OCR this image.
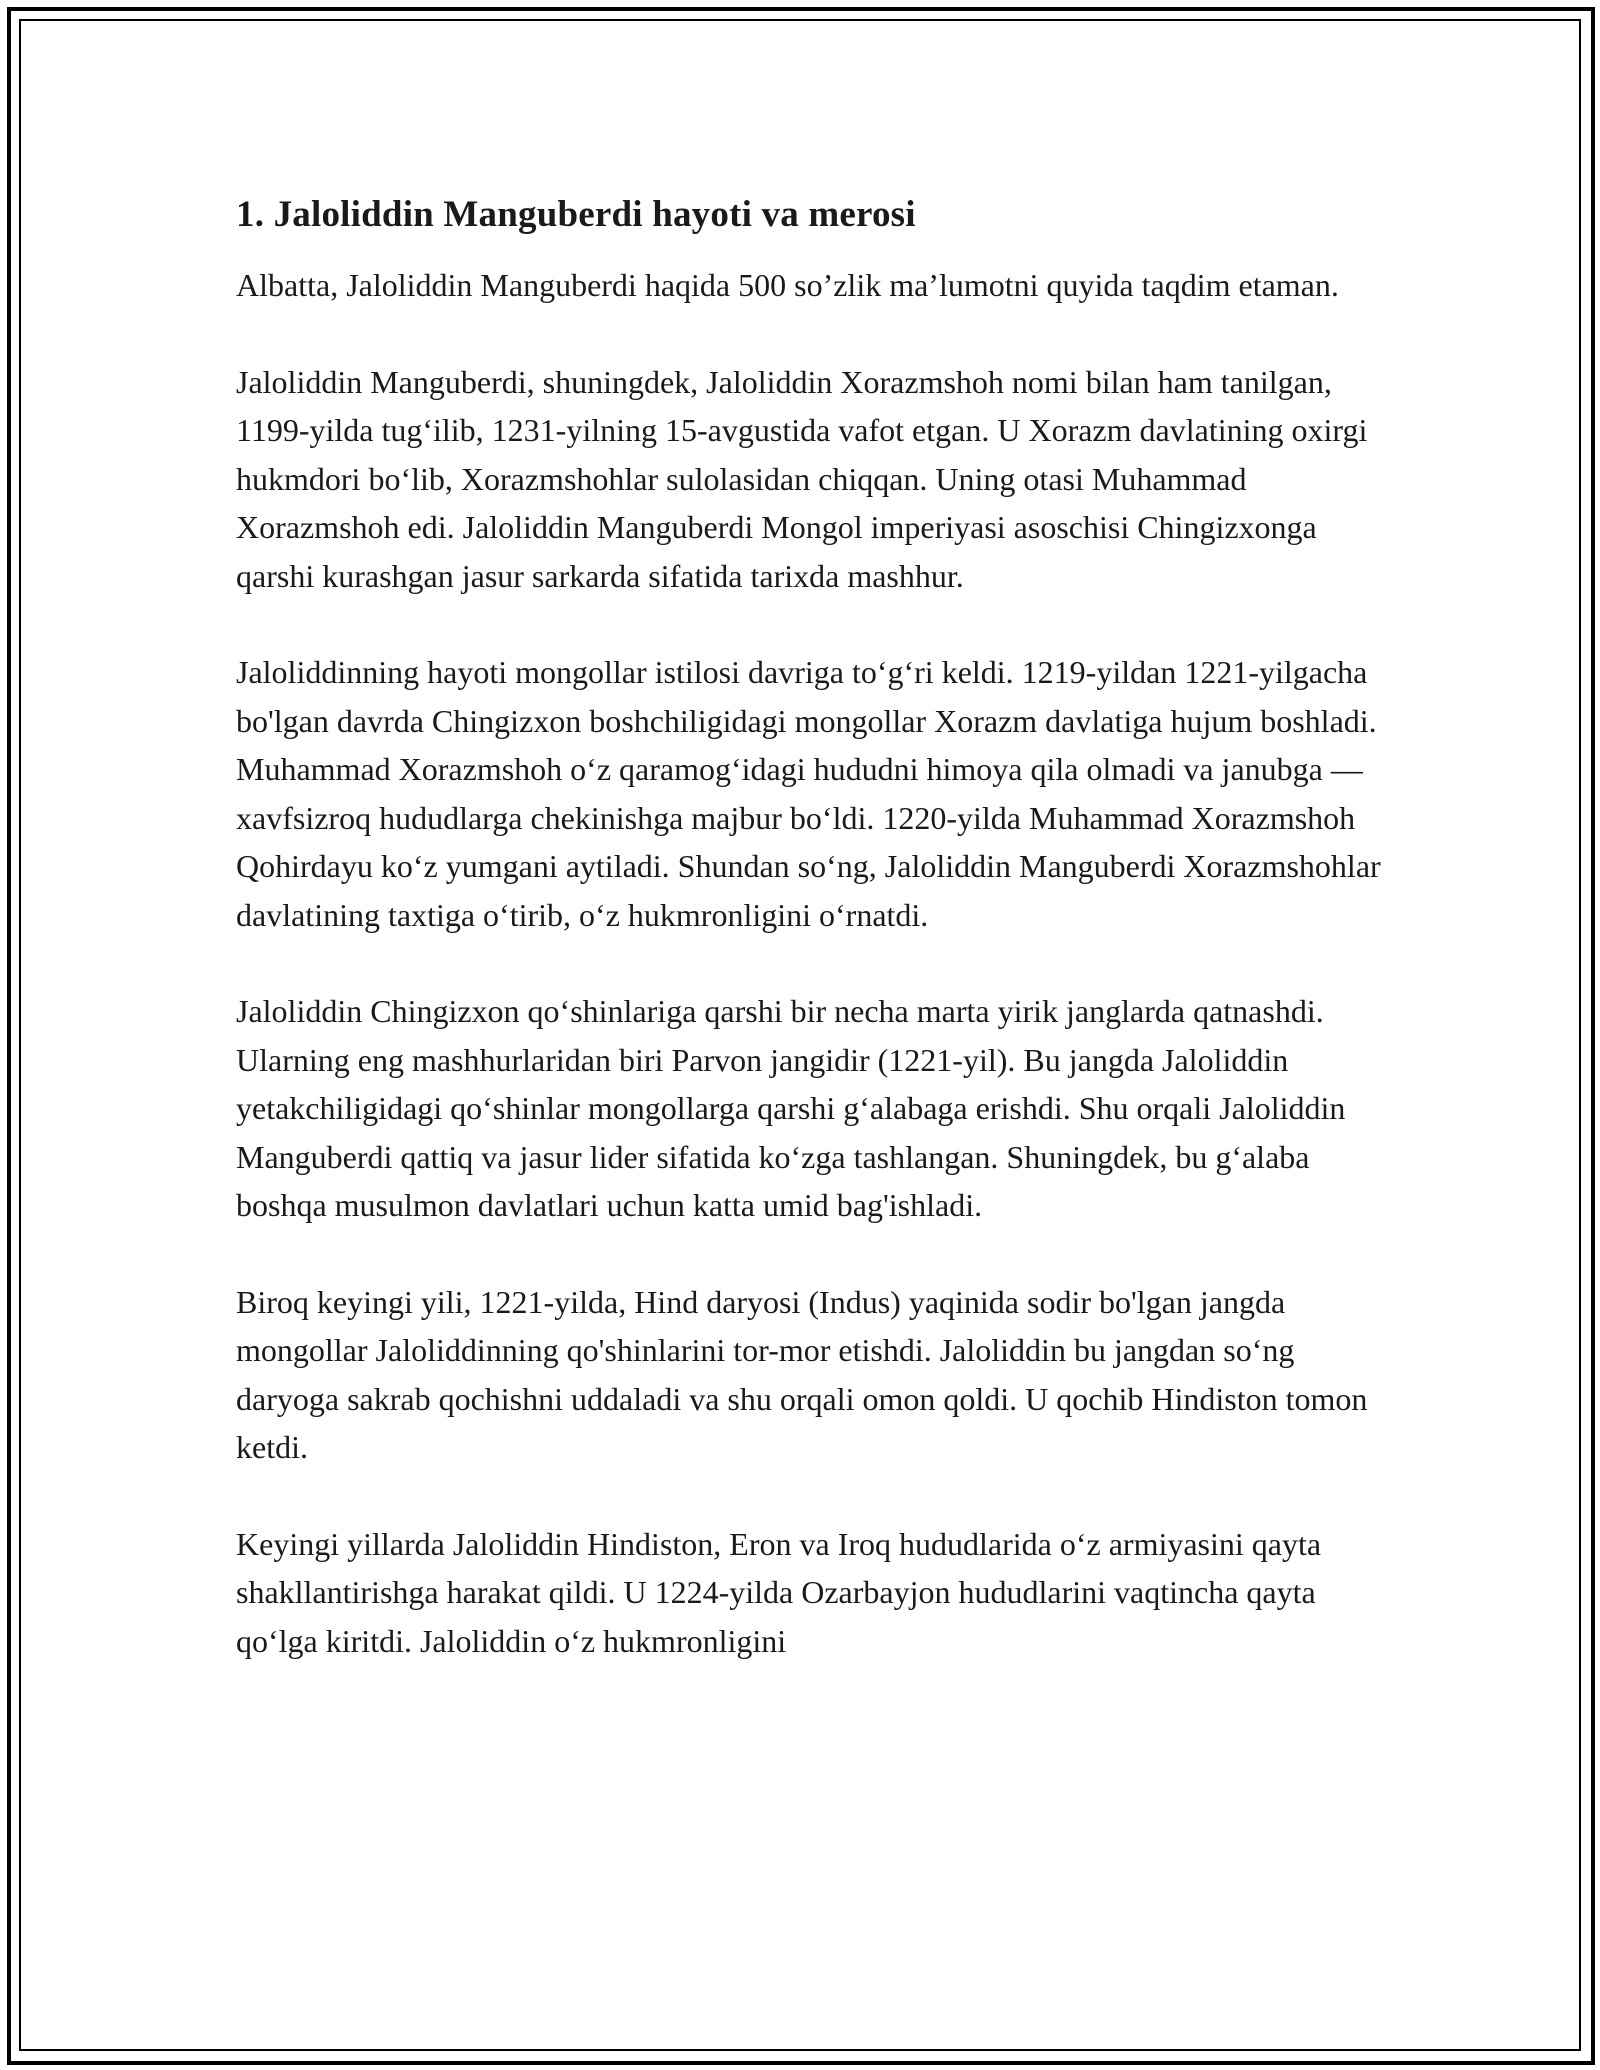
1. Jaloliddin Manguberdi hayoti va merosi

Albatta, Jaloliddin Manguberdi haqida 500 so’zlik ma’lumotni quyida taqdim etaman.

Jaloliddin Manguberdi, shuningdek, Jaloliddin Xorazmshoh nomi bilan ham tanilgan, 1199-yilda tug‘ilib, 1231-yilning 15-avgustida vafot etgan. U Xorazm davlatining oxirgi hukmdori bo‘lib, Xorazmshohlar sulolasidan chiqqan. Uning otasi Muhammad Xorazmshoh edi. Jaloliddin Manguberdi Mongol imperiyasi asoschisi Chingizxonga qarshi kurashgan jasur sarkarda sifatida tarixda mashhur.

Jaloliddinning hayoti mongollar istilosi davriga to‘g‘ri keldi. 1219-yildan 1221-yilgacha bo'lgan davrda Chingizxon boshchiligidagi mongollar Xorazm davlatiga hujum boshladi. Muhammad Xorazmshoh o‘z qaramog‘idagi hududni himoya qila olmadi va janubga — xavfsizroq hududlarga chekinishga majbur bo‘ldi. 1220-yilda Muhammad Xorazmshoh Qohirdayu ko‘z yumgani aytiladi. Shundan so‘ng, Jaloliddin Manguberdi Xorazmshohlar davlatining taxtiga o‘tirib, o‘z hukmronligini o‘rnatdi.

Jaloliddin Chingizxon qo‘shinlariga qarshi bir necha marta yirik janglarda qatnashdi. Ularning eng mashhurlaridan biri Parvon jangidir (1221-yil). Bu jangda Jaloliddin yetakchiligidagi qo‘shinlar mongollarga qarshi g‘alabaga erishdi. Shu orqali Jaloliddin Manguberdi qattiq va jasur lider sifatida ko‘zga tashlangan. Shuningdek, bu g‘alaba boshqa musulmon davlatlari uchun katta umid bag'ishladi.

Biroq keyingi yili, 1221-yilda, Hind daryosi (Indus) yaqinida sodir bo'lgan jangda mongollar Jaloliddinning qo'shinlarini tor-mor etishdi. Jaloliddin bu jangdan so‘ng daryoga sakrab qochishni uddaladi va shu orqali omon qoldi. U qochib Hindiston tomon ketdi.

Keyingi yillarda Jaloliddin Hindiston, Eron va Iroq hududlarida o‘z armiyasini qayta shakllantirishga harakat qildi. U 1224-yilda Ozarbayjon hududlarini vaqtincha qayta qo‘lga kiritdi. Jaloliddin o‘z hukmronligini
